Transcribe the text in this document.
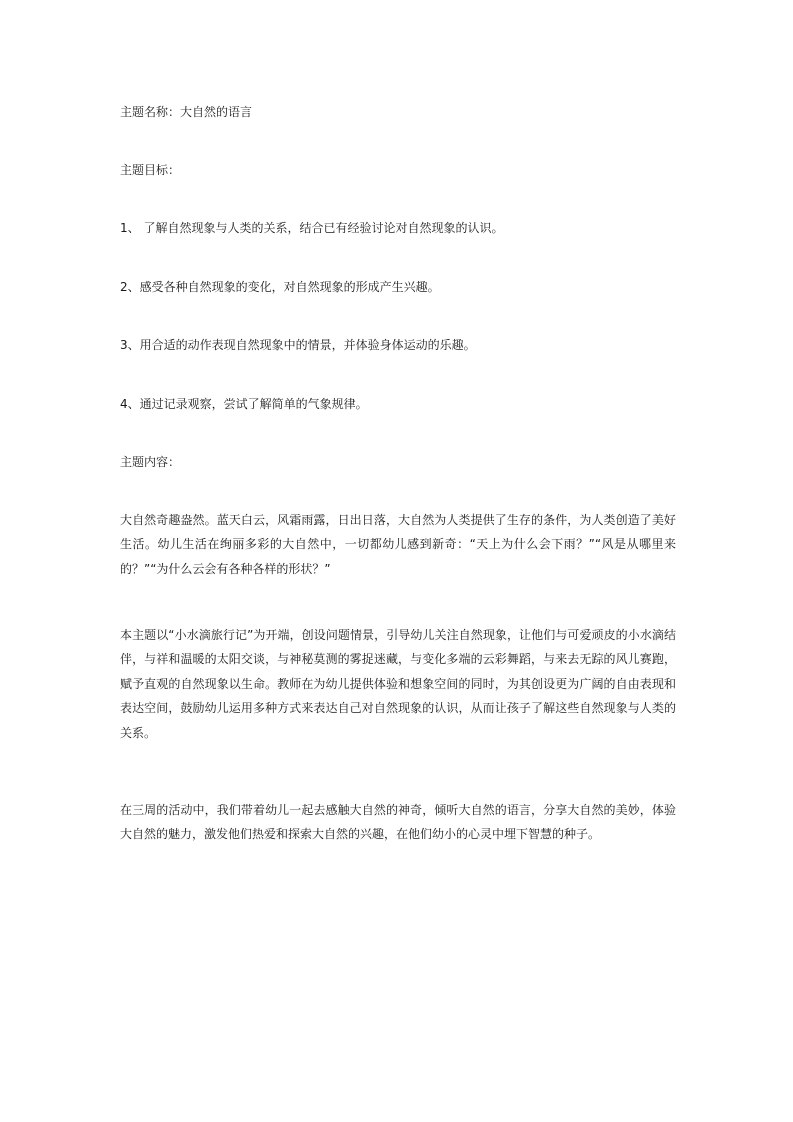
主题名称：大自然的语言
主题目标：
1、 了解自然现象与人类的关系，结合已有经验讨论对自然现象的认识。
2、感受各种自然现象的变化，对自然现象的形成产生兴趣。
3、用合适的动作表现自然现象中的情景，并体验身体运动的乐趣。
4、通过记录观察，尝试了解简单的气象规律。
主题内容：
大自然奇趣盎然。蓝天白云，风霜雨露，日出日落，大自然为人类提供了生存的条件，为人类创造了美好生活。幼儿生活在绚丽多彩的大自然中，一切都幼儿感到新奇：“天上为什么会下雨？”“风是从哪里来的？”“为什么云会有各种各样的形状？”
本主题以“小水滴旅行记”为开端，创设问题情景，引导幼儿关注自然现象，让他们与可爱顽皮的小水滴结伴，与祥和温暖的太阳交谈，与神秘莫测的雾捉迷藏，与变化多端的云彩舞蹈，与来去无踪的风儿赛跑，赋予直观的自然现象以生命。教师在为幼儿提供体验和想象空间的同时，为其创设更为广阔的自由表现和表达空间，鼓励幼儿运用多种方式来表达自己对自然现象的认识，从而让孩子了解这些自然现象与人类的关系。
在三周的活动中，我们带着幼儿一起去感触大自然的神奇，倾听大自然的语言，分享大自然的美妙，体验大自然的魅力，激发他们热爱和探索大自然的兴趣，在他们幼小的心灵中埋下智慧的种子。
